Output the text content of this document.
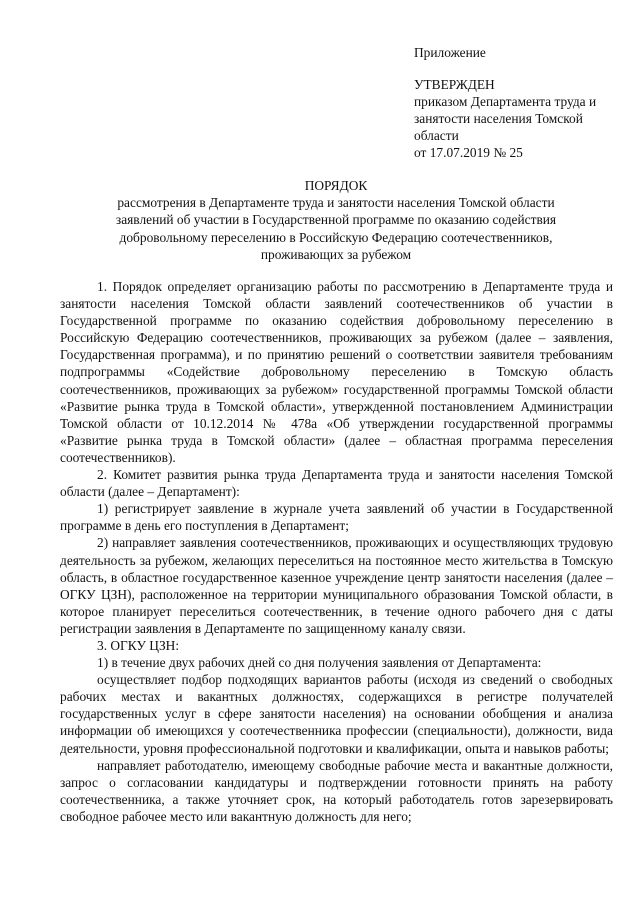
Приложение
УТВЕРЖДЕН
приказом Департамента труда и
занятости населения Томской
области
от 17.07.2019 № 25
ПОРЯДОК
рассмотрения в Департаменте труда и занятости населения Томской области
заявлений об участии в Государственной программе по оказанию содействия
добровольному переселению в Российскую Федерацию соотечественников,
проживающих за рубежом

1. Порядок определяет организацию работы по рассмотрению в Департаменте труда и занятости населения Томской области заявлений соотечественников об участии в Государственной программе по оказанию содействия добровольному переселению в Российскую Федерацию соотечественников, проживающих за рубежом (далее – заявления, Государственная программа), и по принятию решений о соответствии заявителя требованиям подпрограммы «Содействие добровольному переселению в Томскую область соотечественников, проживающих за рубежом» государственной программы Томской области «Развитие рынка труда в Томской области», утвержденной постановлением Администрации Томской области от 10.12.2014 № 478а «Об утверждении государственной программы «Развитие рынка труда в Томской области» (далее – областная программа переселения соотечественников).

2. Комитет развития рынка труда Департамента труда и занятости населения Томской области (далее – Департамент):

1) регистрирует заявление в журнале учета заявлений об участии в Государственной программе в день его поступления в Департамент;

2) направляет заявления соотечественников, проживающих и осуществляющих трудовую деятельность за рубежом, желающих переселиться на постоянное место жительства в Томскую область, в областное государственное казенное учреждение центр занятости населения (далее – ОГКУ ЦЗН), расположенное на территории муниципального образования Томской области, в которое планирует переселиться соотечественник, в течение одного рабочего дня с даты регистрации заявления в Департаменте по защищенному каналу связи.

3. ОГКУ ЦЗН:

1) в течение двух рабочих дней со дня получения заявления от Департамента:

осуществляет подбор подходящих вариантов работы (исходя из сведений о свободных рабочих местах и вакантных должностях, содержащихся в регистре получателей государственных услуг в сфере занятости населения) на основании обобщения и анализа информации об имеющихся у соотечественника профессии (специальности), должности, вида деятельности, уровня профессиональной подготовки и квалификации, опыта и навыков работы;

направляет работодателю, имеющему свободные рабочие места и вакантные должности, запрос о согласовании кандидатуры и подтверждении готовности принять на работу соотечественника, а также уточняет срок, на который работодатель готов зарезервировать свободное рабочее место или вакантную должность для него;
